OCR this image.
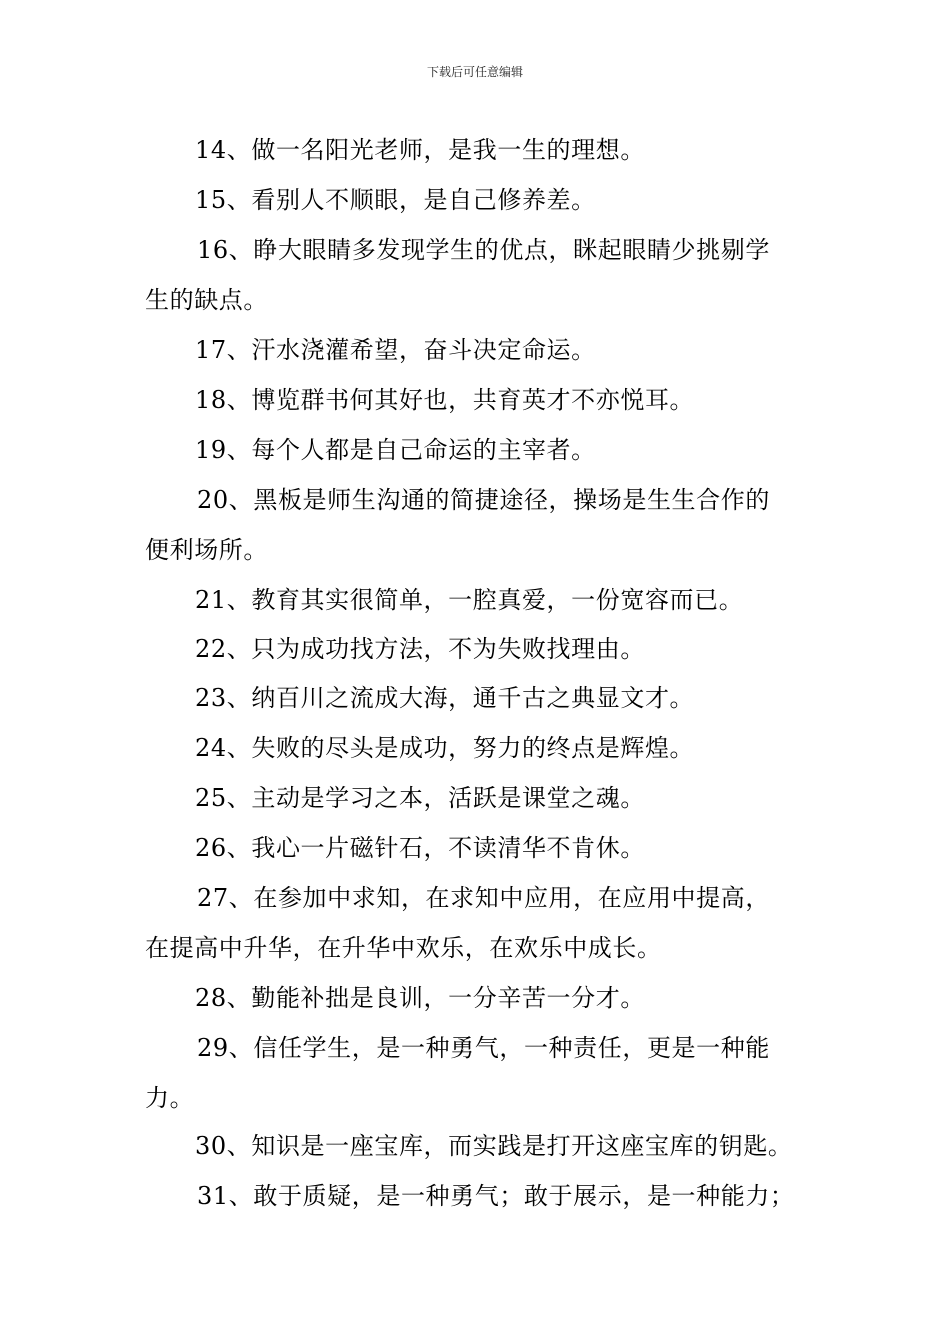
下载后可任意编辑
14、做一名阳光老师，是我一生的理想。
15、看别人不顺眼，是自己修养差。
16、睁大眼睛多发现学生的优点，眯起眼睛少挑剔学
生的缺点。
17、汗水浇灌希望，奋斗决定命运。
18、博览群书何其好也，共育英才不亦悦耳。
19、每个人都是自己命运的主宰者。
20、黑板是师生沟通的简捷途径，操场是生生合作的
便利场所。
21、教育其实很简单，一腔真爱，一份宽容而已。
22、只为成功找方法，不为失败找理由。
23、纳百川之流成大海，通千古之典显文才。
24、失败的尽头是成功，努力的终点是辉煌。
25、主动是学习之本，活跃是课堂之魂。
26、我心一片磁针石，不读清华不肯休。
27、在参加中求知，在求知中应用，在应用中提高，
在提高中升华，在升华中欢乐，在欢乐中成长。
28、勤能补拙是良训，一分辛苦一分才。
29、信任学生，是一种勇气，一种责任，更是一种能
力。
30、知识是一座宝库，而实践是打开这座宝库的钥匙。
31、敢于质疑，是一种勇气；敢于展示，是一种能力；
